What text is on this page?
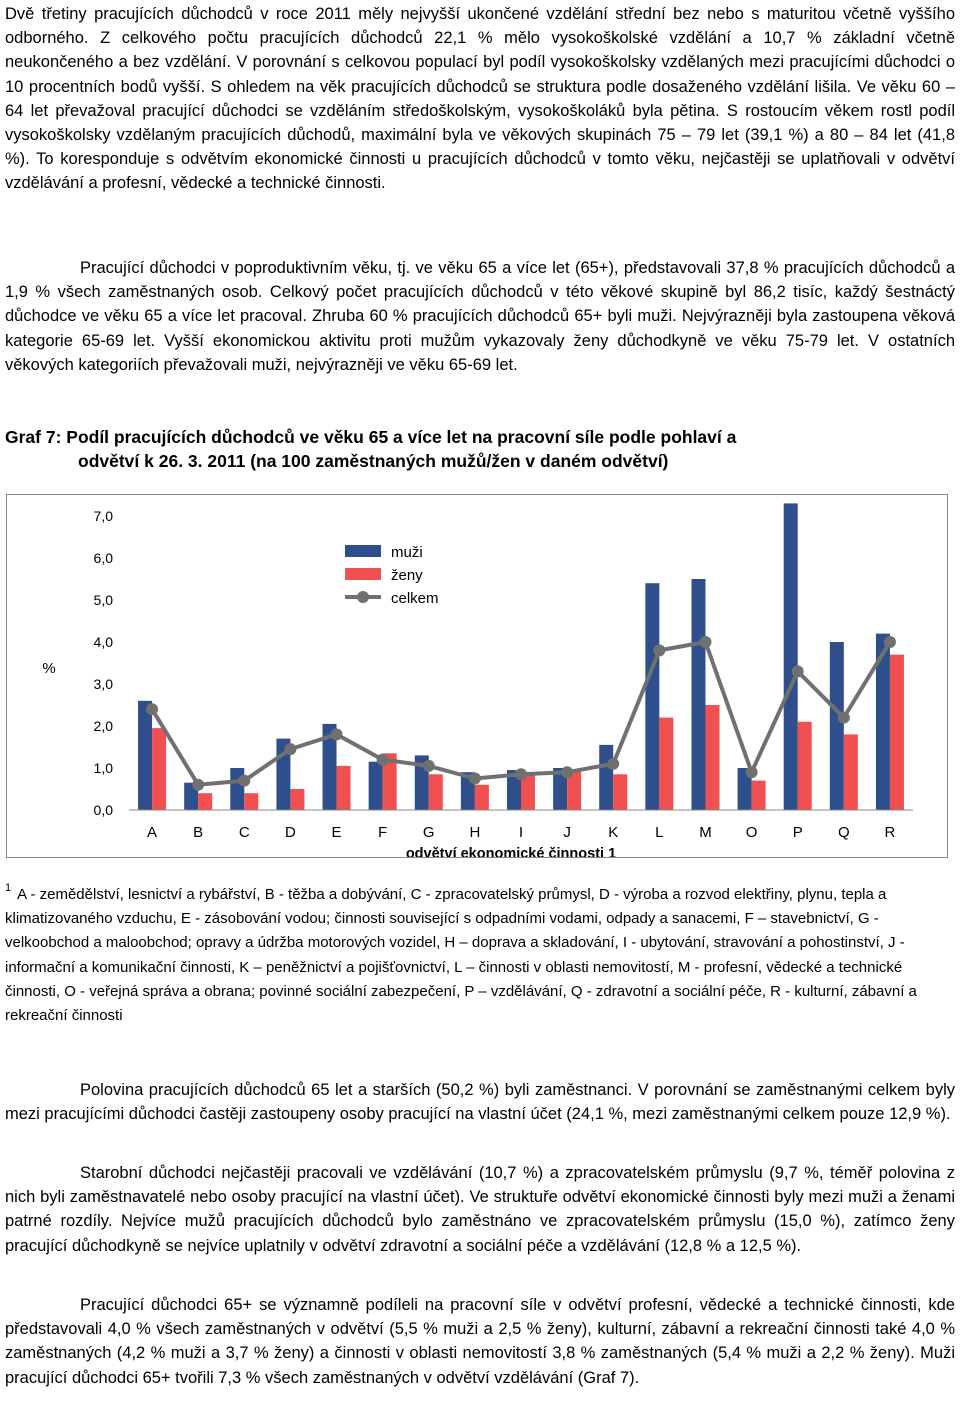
Dvě třetiny pracujících důchodců v roce 2011 měly nejvyšší ukončené vzdělání střední bez nebo s maturitou včetně vyššího odborného. Z celkového počtu pracujících důchodců 22,1 % mělo vysokoškolské vzdělání a 10,7 % základní včetně neukončeného a bez vzdělání. V porovnání s celkovou populací byl podíl vysokoškolsky vzdělaných mezi pracujícími důchodci o 10 procentních bodů vyšší. S ohledem na věk pracujících důchodců se struktura podle dosaženého vzdělání lišila. Ve věku 60 – 64 let převažoval pracující důchodci se vzděláním středoškolským, vysokoškoláků byla pětina. S rostoucím věkem rostl podíl vysokoškolsky vzdělaným pracujících důchodů, maximální byla ve věkových skupinách 75 – 79 let (39,1 %) a 80 – 84 let (41,8 %). To koresponduje s odvětvím ekonomické činnosti u pracujících důchodců v tomto věku, nejčastěji se uplatňovali v odvětví vzdělávání a profesní, vědecké a technické činnosti.

Pracující důchodci v poproduktivním věku, tj. ve věku 65 a více let (65+), představovali 37,8 % pracujících důchodců a 1,9 % všech zaměstnaných osob. Celkový počet pracujících důchodců v této věkové skupině byl 86,2 tisíc, každý šestnáctý důchodce ve věku 65 a více let pracoval. Zhruba 60 % pracujících důchodců 65+ byli muži. Nejvýrazněji byla zastoupena věková kategorie 65-69 let. Vyšší ekonomickou aktivitu proti mužům vykazovaly ženy důchodkyně ve věku 75-79 let. V ostatních věkových kategoriích převažovali muži, nejvýrazněji ve věku 65-69 let.

Graf 7: Podíl pracujících důchodců ve věku 65 a více let na pracovní síle podle pohlaví a
odvětví k 26. 3. 2011 (na 100 zaměstnaných mužů/žen v daném odvětví)
0,0
1,0
2,0
3,0
4,0
5,0
6,0
7,0
%
A B C D E F G H	I	J K L M O P Q R
odvětví ekonomické činnosti 1
muži
ženy
celkem

$^1$ A - zemědělství, lesnictví a rybářství, B - těžba a dobývání, C - zpracovatelský průmysl, D - výroba a rozvod elektřiny, plynu, tepla a klimatizovaného vzduchu, E - zásobování vodou; činnosti související s odpadními vodami, odpady a sanacemi, F – stavebnictví, G - velkoobchod a maloobchod; opravy a údržba motorových vozidel, H – doprava a skladování, I - ubytování, stravování a pohostinství, J - informační a komunikační činnosti, K – peněžnictví a pojišťovnictví, L – činnosti v oblasti nemovitostí, M - profesní, vědecké a technické činnosti, O - veřejná správa a obrana; povinné sociální zabezpečení, P – vzdělávání, Q - zdravotní a sociální péče, R - kulturní, zábavní a rekreační činnosti

Polovina pracujících důchodců 65 let a starších (50,2 %) byli zaměstnanci. V porovnání se zaměstnanými celkem byly mezi pracujícími důchodci častěji zastoupeny osoby pracující na vlastní účet (24,1 %, mezi zaměstnanými celkem pouze 12,9 %).

Starobní důchodci nejčastěji pracovali ve vzdělávání (10,7 %) a zpracovatelském průmyslu (9,7 %, téměř polovina z nich byli zaměstnavatelé nebo osoby pracující na vlastní účet). Ve struktuře odvětví ekonomické činnosti byly mezi muži a ženami patrné rozdíly. Nejvíce mužů pracujících důchodců bylo zaměstnáno ve zpracovatelském průmyslu (15,0 %), zatímco ženy pracující důchodkyně se nejvíce uplatnily v odvětví zdravotní a sociální péče a vzdělávání (12,8 % a 12,5 %).

Pracující důchodci 65+ se významně podíleli na pracovní síle v odvětví profesní, vědecké a technické činnosti, kde představovali 4,0 % všech zaměstnaných v odvětví (5,5 % muži a 2,5 % ženy), kulturní, zábavní a rekreační činnosti také 4,0 % zaměstnaných (4,2 % muži a 3,7 % ženy) a činnosti v oblasti nemovitostí 3,8 % zaměstnaných (5,4 % muži a 2,2 % ženy). Muži pracující důchodci 65+ tvořili 7,3 % všech zaměstnaných v odvětví vzdělávání (Graf 7).
